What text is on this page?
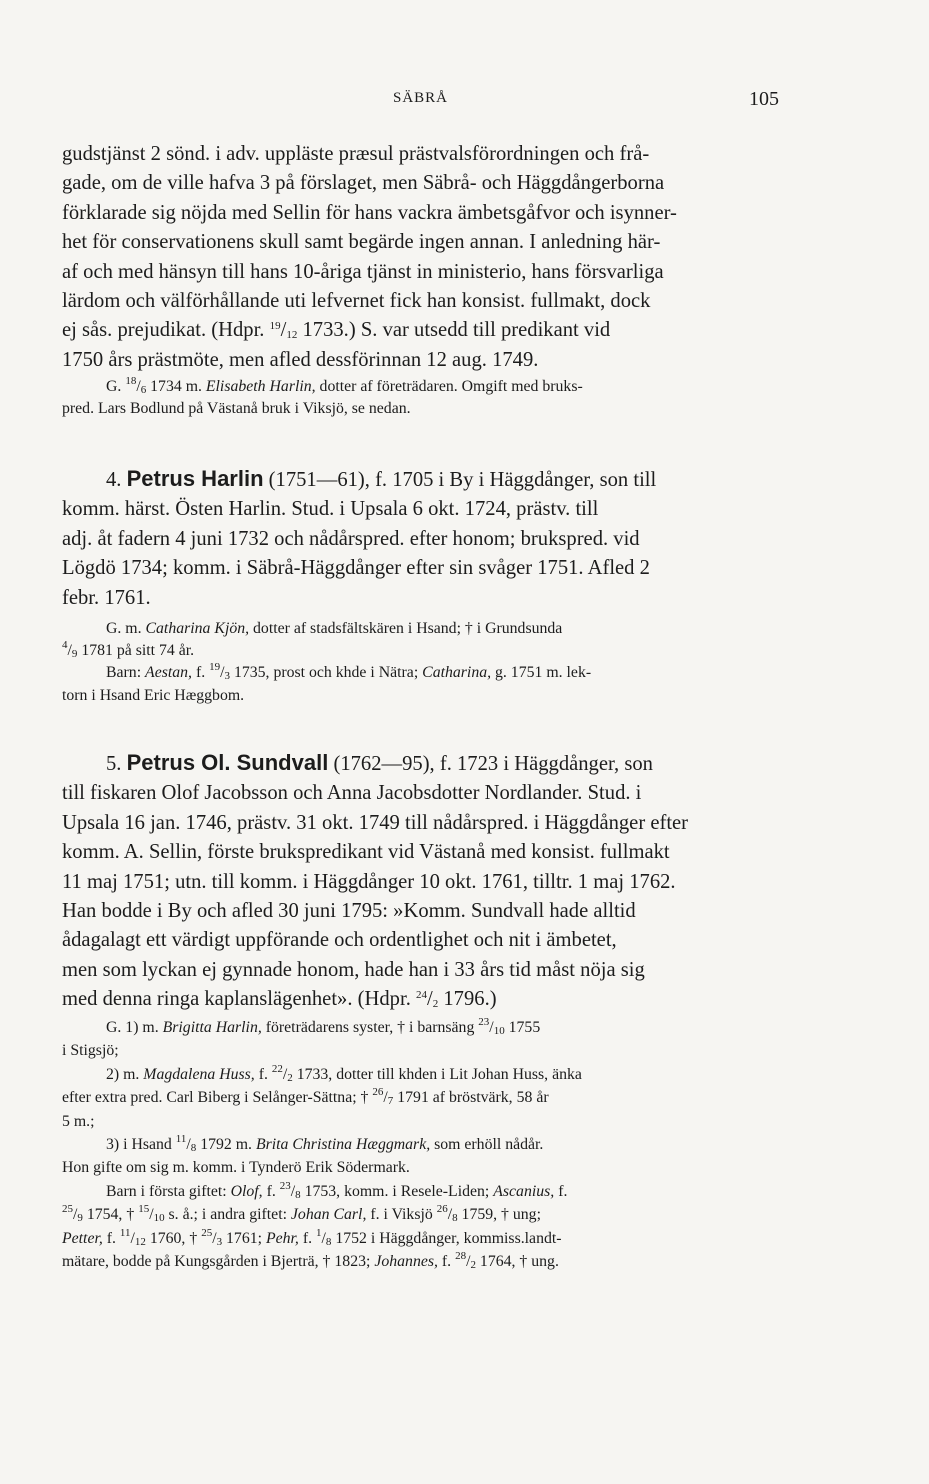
SÄBRÅ	105

gudstjänst 2 sönd. i adv. uppläste præsul prästvalsförordningen och frå-

gade, om de ville hafva 3 på förslaget, men Säbrå- och Häggdångerborna

förklarade sig nöjda med Sellin för hans vackra ämbetsgåfvor och isynner-

het för conservationens skull samt begärde ingen annan. I anledning här-

af och med hänsyn till hans 10-åriga tjänst in ministerio, hans försvarliga

lärdom och välförhållande uti lefvernet fick han konsist. fullmakt, dock

ej sås. prejudikat. (Hdpr. $^{19}/_{12}$ 1733.) S. var utsedd till predikant vid

1750 års prästmöte, men afled dessförinnan 12 aug. 1749.

G. $^{18}/_6$ 1734 m. Elisabeth Harlin, dotter af företrädaren. Omgift med bruks-

pred. Lars Bodlund på Västanå bruk i Viksjö, se nedan.

4. Petrus Harlin (1751—61), f. 1705 i By i Häggdånger, son till

komm. härst. Östen Harlin. Stud. i Upsala 6 okt. 1724, prästv. till

adj. åt fadern 4 juni 1732 och nådårspred. efter honom; brukspred. vid

Lögdö 1734; komm. i Säbrå-Häggdånger efter sin svåger 1751. Afled 2

febr. 1761.

G. m. Catharina Kjön, dotter af stadsfältskären i Hsand; † i Grundsunda

$^4/_9$ 1781 på sitt 74 år.

Barn: Aestan, f. $^{19}/_3$ 1735, prost och khde i Nätra; Catharina, g. 1751 m. lek-

torn i Hsand Eric Hæggbom.

5. Petrus Ol. Sundvall (1762—95), f. 1723 i Häggdånger, son

till fiskaren Olof Jacobsson och Anna Jacobsdotter Nordlander. Stud. i

Upsala 16 jan. 1746, prästv. 31 okt. 1749 till nådårspred. i Häggdånger efter

komm. A. Sellin, förste brukspredikant vid Västanå med konsist. fullmakt

11 maj 1751; utn. till komm. i Häggdånger 10 okt. 1761, tilltr. 1 maj 1762.

Han bodde i By och afled 30 juni 1795: »Komm. Sundvall hade alltid

ådagalagt ett värdigt uppförande och ordentlighet och nit i ämbetet,

men som lyckan ej gynnade honom, hade han i 33 års tid måst nöja sig

med denna ringa kaplanslägenhet». (Hdpr. $^{24}/_2$ 1796.)

G. 1) m. Brigitta Harlin, företrädarens syster, † i barnsäng $^{23}/_{10}$ 1755

i Stigsjö;

2) m. Magdalena Huss, f. $^{22}/_2$ 1733, dotter till khden i Lit Johan Huss, änka

efter extra pred. Carl Biberg i Selånger-Sättna; † $^{26}/_7$ 1791 af bröstvärk, 58 år

5 m.;

3) i Hsand $^{11}/_8$ 1792 m. Brita Christina Hæggmark, som erhöll nådår.

Hon gifte om sig m. komm. i Tynderö Erik Södermark.

Barn i första giftet: Olof, f. $^{23}/_8$ 1753, komm. i Resele-Liden; Ascanius, f.

$^{25}/_9$ 1754, † $^{15}/_{10}$ s. å.; i andra giftet: Johan Carl, f. i Viksjö $^{26}/_8$ 1759, † ung;

Petter, f. $^{11}/_{12}$ 1760, † $^{25}/_3$ 1761; Pehr, f. $^1/_8$ 1752 i Häggdånger, kommiss.landt-

mätare, bodde på Kungsgården i Bjerträ, † 1823; Johannes, f. $^{28}/_2$ 1764, † ung.
